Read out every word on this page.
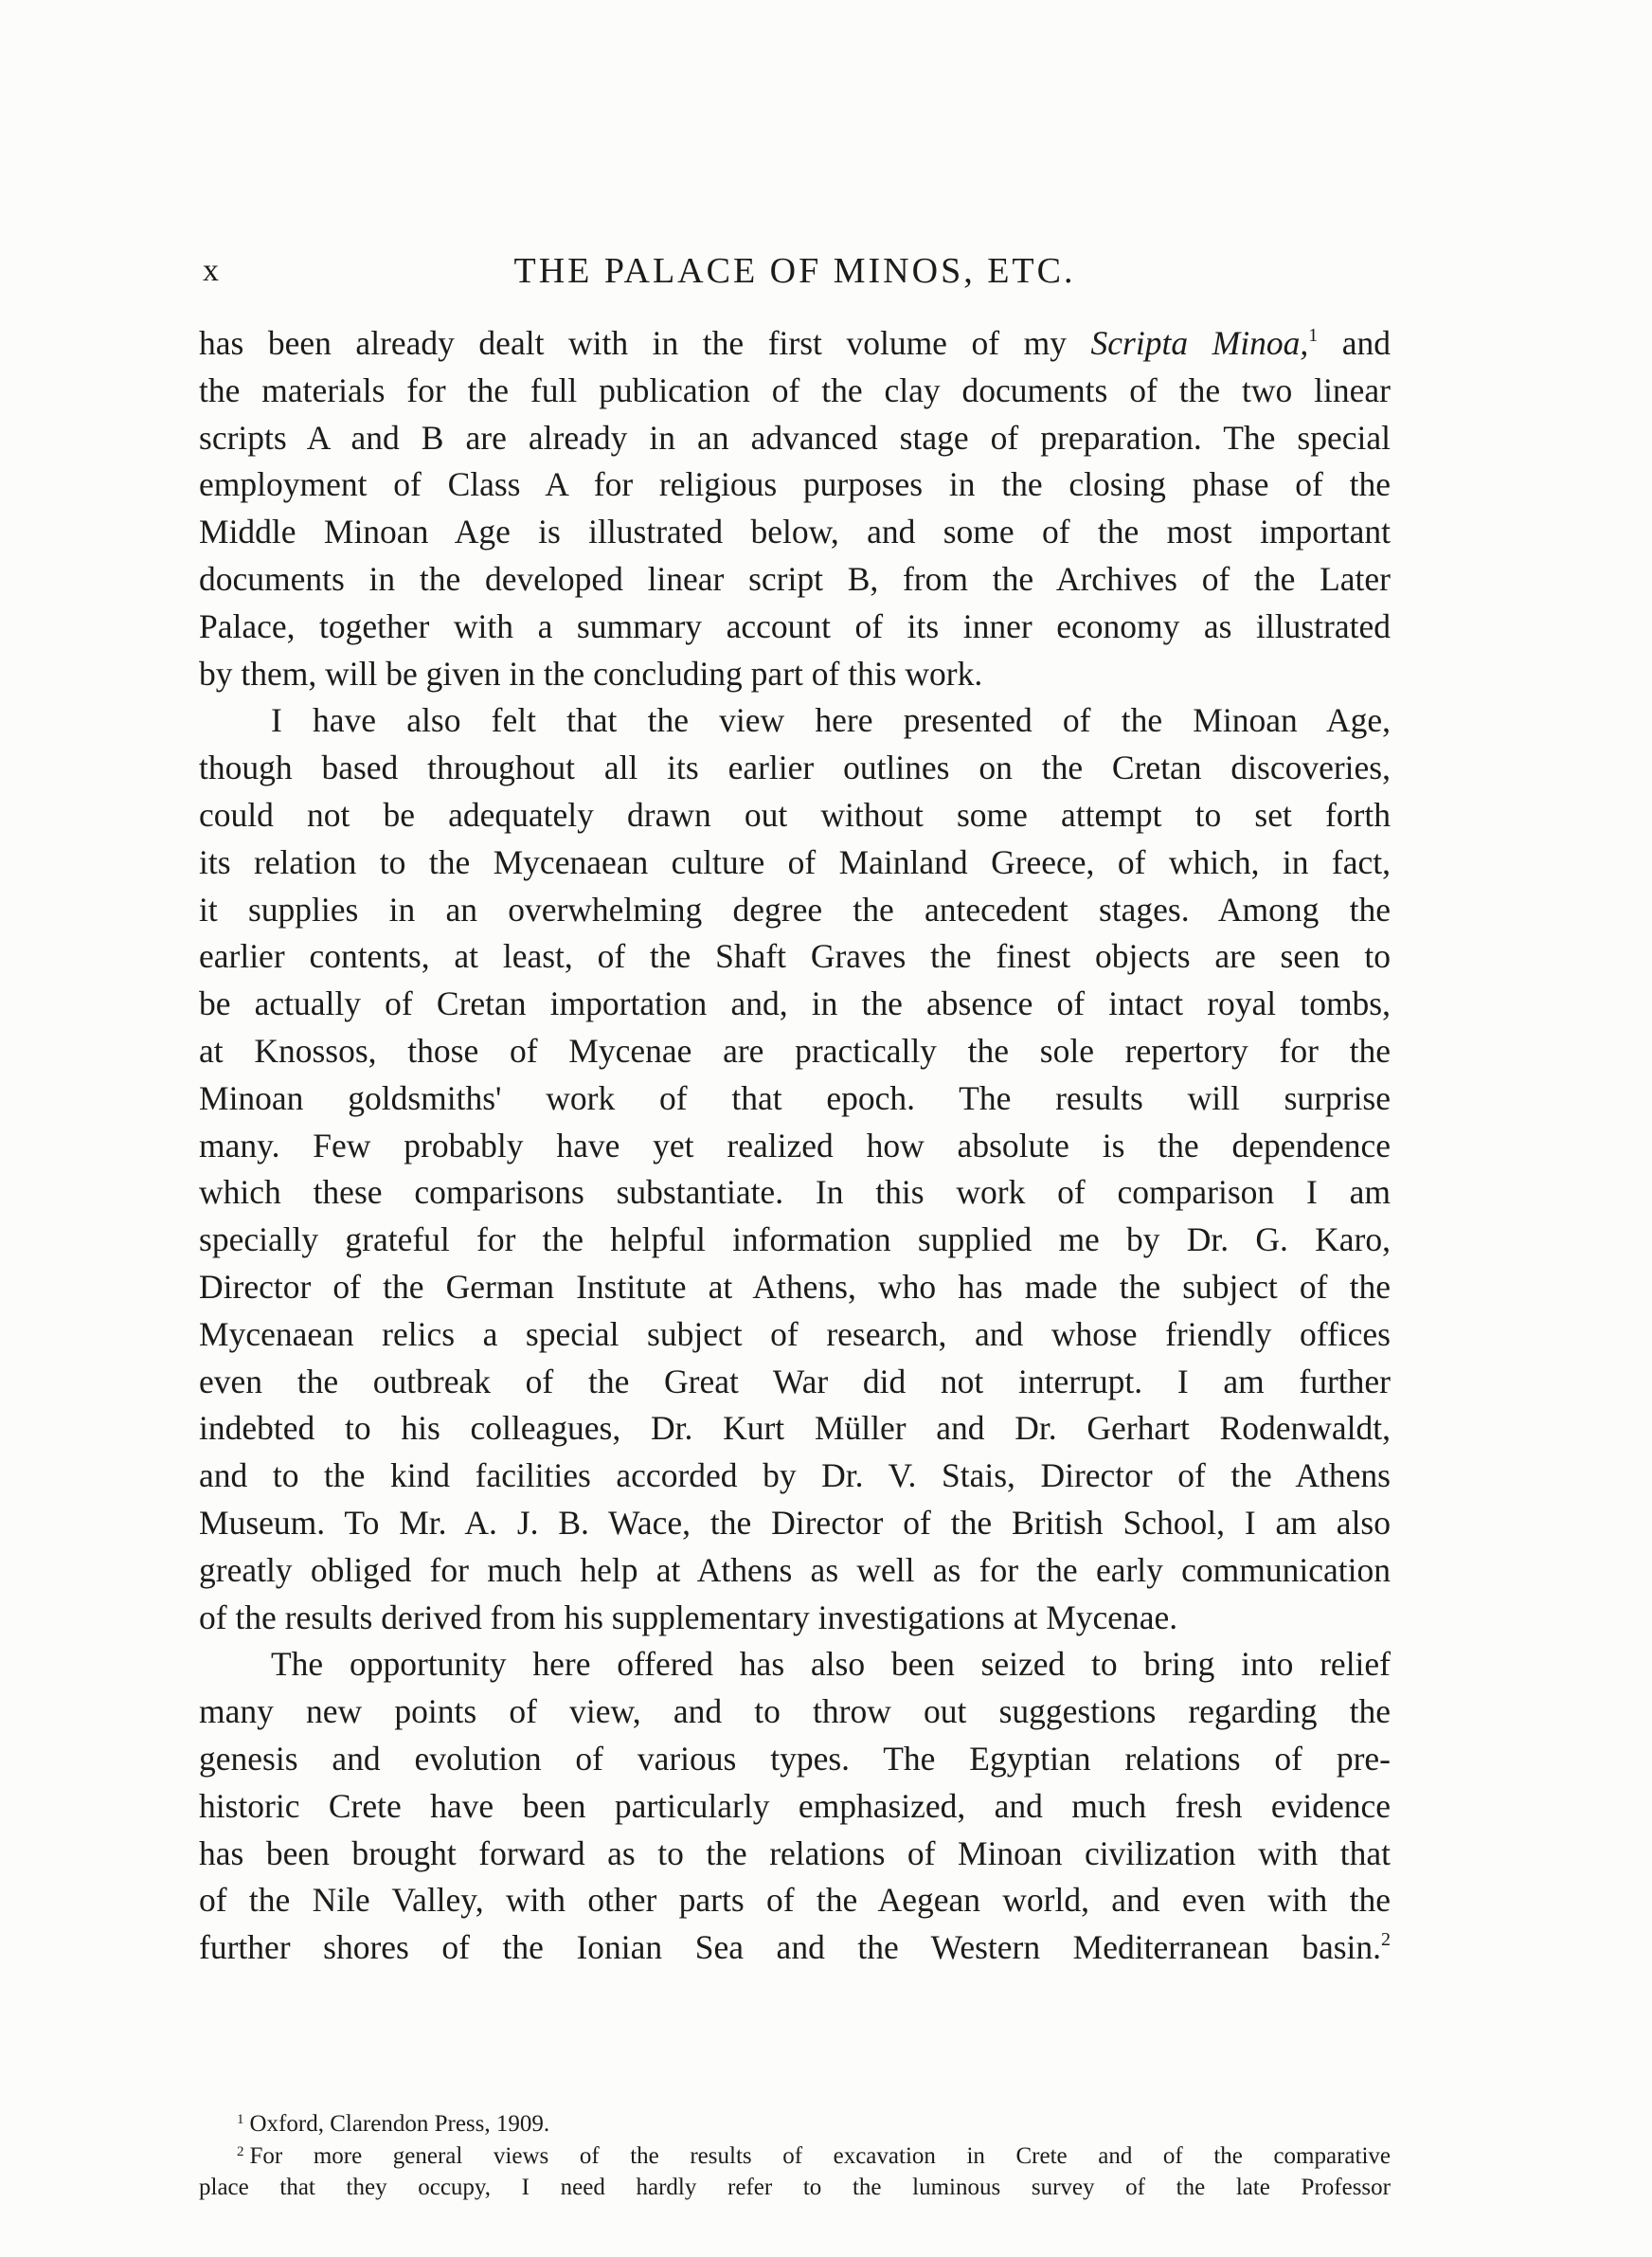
x	THE PALACE OF MINOS, ETC.
has been already dealt with in the first volume of my Scripta Minoa,$^1$ and
the materials for the full publication of the clay documents of the two linear
scripts A and B are already in an advanced stage of preparation. The special
employment of Class A for religious purposes in the closing phase of the
Middle Minoan Age is illustrated below, and some of the most important
documents in the developed linear script B, from the Archives of the Later
Palace, together with a summary account of its inner economy as illustrated
by them, will be given in the concluding part of this work.
I have also felt that the view here presented of the Minoan Age,
though based throughout all its earlier outlines on the Cretan discoveries,
could not be adequately drawn out without some attempt to set forth
its relation to the Mycenaean culture of Mainland Greece, of which, in fact,
it supplies in an overwhelming degree the antecedent stages. Among the
earlier contents, at least, of the Shaft Graves the finest objects are seen to
be actually of Cretan importation and, in the absence of intact royal tombs,
at Knossos, those of Mycenae are practically the sole repertory for the
Minoan goldsmiths' work of that epoch. The results will surprise
many. Few probably have yet realized how absolute is the dependence
which these comparisons substantiate. In this work of comparison I am
specially grateful for the helpful information supplied me by Dr. G. Karo,
Director of the German Institute at Athens, who has made the subject of the
Mycenaean relics a special subject of research, and whose friendly offices
even the outbreak of the Great War did not interrupt. I am further
indebted to his colleagues, Dr. Kurt Müller and Dr. Gerhart Rodenwaldt,
and to the kind facilities accorded by Dr. V. Stais, Director of the Athens
Museum. To Mr. A. J. B. Wace, the Director of the British School, I am also
greatly obliged for much help at Athens as well as for the early communication
of the results derived from his supplementary investigations at Mycenae.
The opportunity here offered has also been seized to bring into relief
many new points of view, and to throw out suggestions regarding the
genesis and evolution of various types. The Egyptian relations of pre-
historic Crete have been particularly emphasized, and much fresh evidence
has been brought forward as to the relations of Minoan civilization with that
of the Nile Valley, with other parts of the Aegean world, and even with the
further shores of the Ionian Sea and the Western Mediterranean basin.$^2$
$^1$ Oxford, Clarendon Press, 1909.
$^2$ For more general views of the results of excavation in Crete and of the comparative
place that they occupy, I need hardly refer to the luminous survey of the late Professor
